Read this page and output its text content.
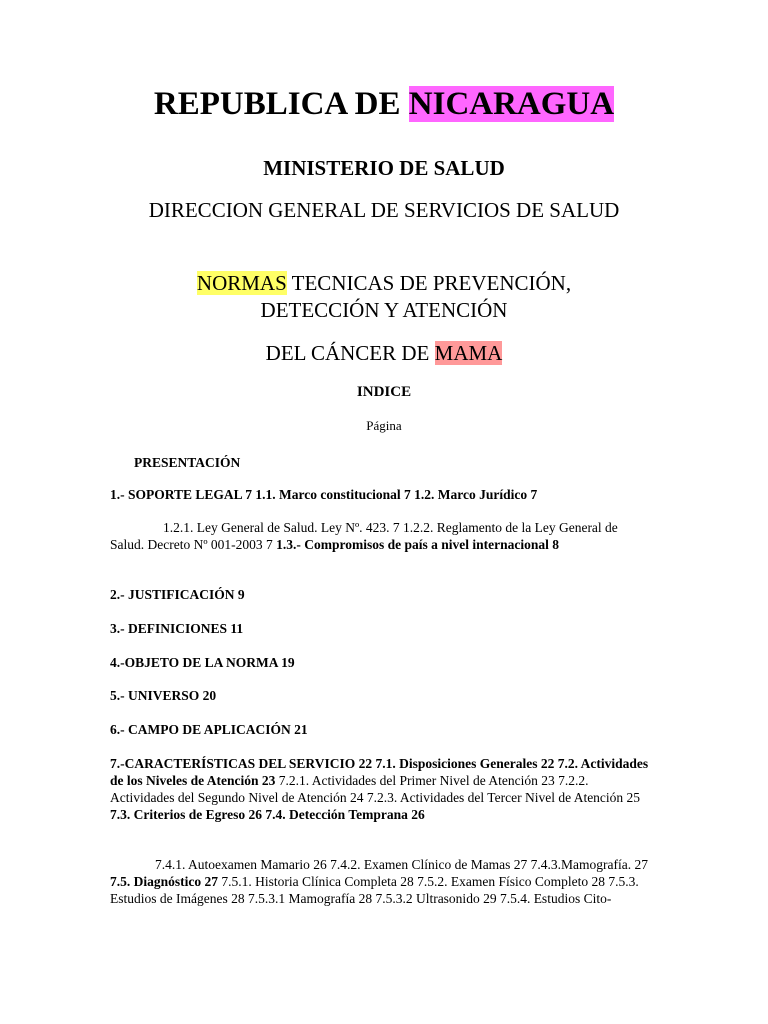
REPUBLICA DE NICARAGUA
MINISTERIO DE SALUD
DIRECCION GENERAL DE SERVICIOS DE SALUD
NORMAS TECNICAS DE PREVENCIÓN,
DETECCIÓN Y ATENCIÓN
DEL CÁNCER DE MAMA
INDICE
Página
PRESENTACIÓN
1.- SOPORTE LEGAL 7 1.1. Marco constitucional 7 1.2. Marco Jurídico 7
1.2.1. Ley General de Salud. Ley Nº. 423. 7 1.2.2. Reglamento de la Ley General de Salud. Decreto Nº 001-2003 7 1.3.- Compromisos de país a nivel internacional 8
2.- JUSTIFICACIÓN 9
3.- DEFINICIONES 11
4.-OBJETO DE LA NORMA 19
5.- UNIVERSO 20
6.- CAMPO DE APLICACIÓN 21
7.-CARACTERÍSTICAS DEL SERVICIO 22 7.1. Disposiciones Generales 22 7.2. Actividades de los Niveles de Atención 23 7.2.1. Actividades del Primer Nivel de Atención 23 7.2.2. Actividades del Segundo Nivel de Atención 24 7.2.3. Actividades del Tercer Nivel de Atención 25 7.3. Criterios de Egreso 26 7.4. Detección Temprana 26
7.4.1. Autoexamen Mamario 26 7.4.2. Examen Clínico de Mamas 27 7.4.3.Mamografía. 27 7.5. Diagnóstico 27 7.5.1. Historia Clínica Completa 28 7.5.2. Examen Físico Completo 28 7.5.3. Estudios de Imágenes 28 7.5.3.1 Mamografía 28 7.5.3.2 Ultrasonido 29 7.5.4. Estudios Cito-
